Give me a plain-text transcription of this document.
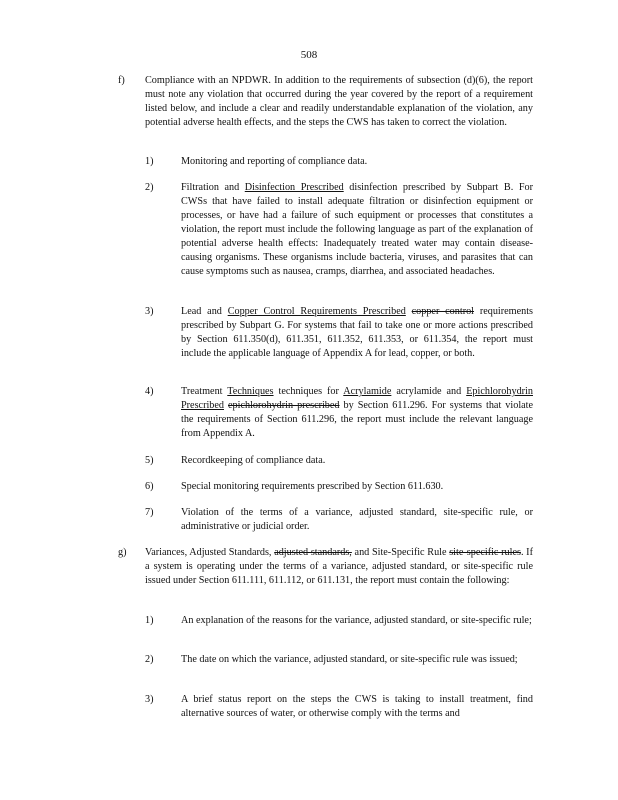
508
f) Compliance with an NPDWR. In addition to the requirements of subsection (d)(6), the report must note any violation that occurred during the year covered by the report of a requirement listed below, and include a clear and readily understandable explanation of the violation, any potential adverse health effects, and the steps the CWS has taken to correct the violation.
1)	Monitoring and reporting of compliance data.
2)	Filtration and Disinfection Prescribed disinfection prescribed by Subpart B. For CWSs that have failed to install adequate filtration or disinfection equipment or processes, or have had a failure of such equipment or processes that constitutes a violation, the report must include the following language as part of the explanation of potential adverse health effects: Inadequately treated water may contain disease-causing organisms. These organisms include bacteria, viruses, and parasites that can cause symptoms such as nausea, cramps, diarrhea, and associated headaches.
3)	Lead and Copper Control Requirements Prescribed copper control requirements prescribed by Subpart G. For systems that fail to take one or more actions prescribed by Section 611.350(d), 611.351, 611.352, 611.353, or 611.354, the report must include the applicable language of Appendix A for lead, copper, or both.
4)	Treatment Techniques techniques for Acrylamide acrylamide and Epichlorohydrin Prescribed epichlorohydrin prescribed by Section 611.296. For systems that violate the requirements of Section 611.296, the report must include the relevant language from Appendix A.
5)	Recordkeeping of compliance data.
6)	Special monitoring requirements prescribed by Section 611.630.
7)	Violation of the terms of a variance, adjusted standard, site-specific rule, or administrative or judicial order.
g) Variances, Adjusted Standards, adjusted standards, and Site-Specific Rule site-specific rules. If a system is operating under the terms of a variance, adjusted standard, or site-specific rule issued under Section 611.111, 611.112, or 611.131, the report must contain the following:
1)	An explanation of the reasons for the variance, adjusted standard, or site-specific rule;
2)	The date on which the variance, adjusted standard, or site-specific rule was issued;
3)	A brief status report on the steps the CWS is taking to install treatment, find alternative sources of water, or otherwise comply with the terms and
